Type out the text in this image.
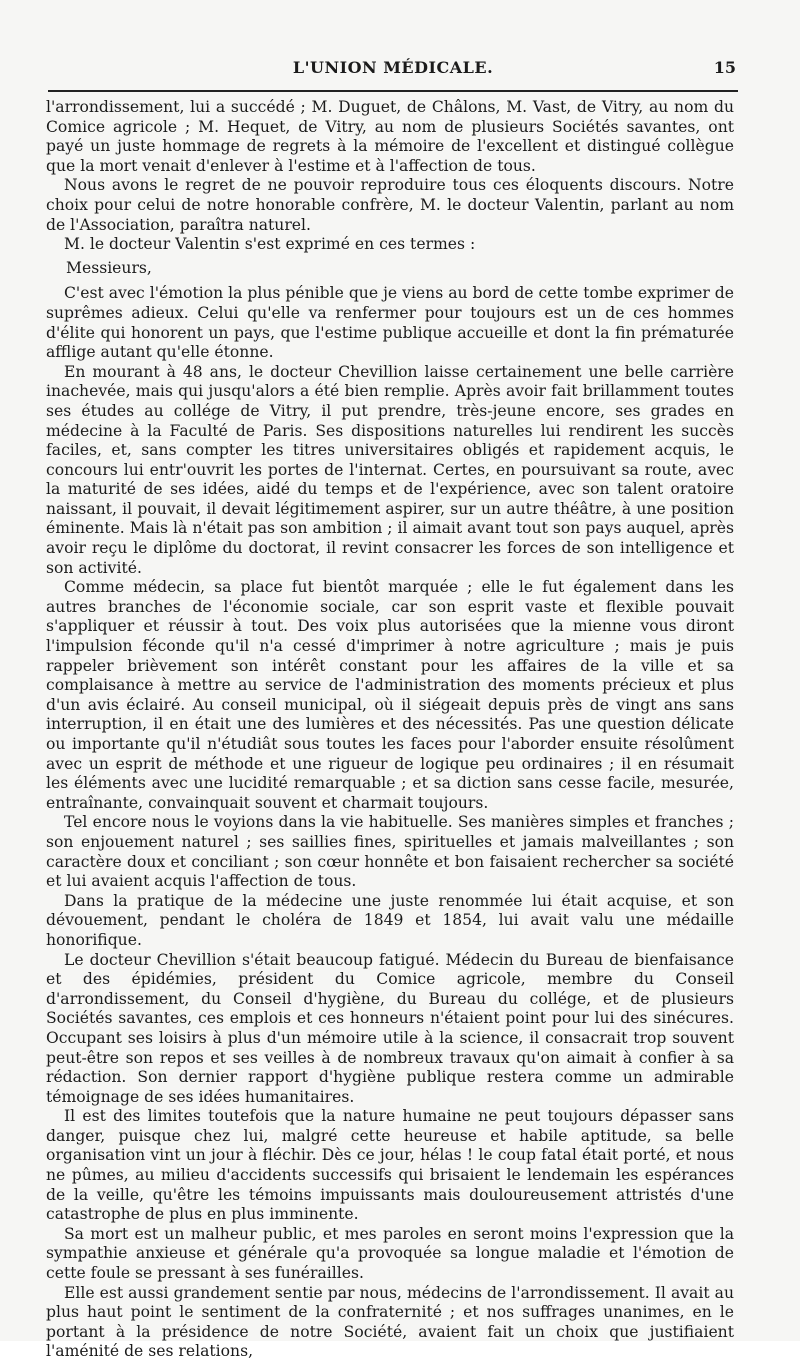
L'UNION MÉDICALE.	15

l'arrondissement, lui a succédé ; M. Duguet, de Châlons, M. Vast, de Vitry, au nom du Comice agricole ; M. Hequet, de Vitry, au nom de plusieurs Sociétés savantes, ont payé un juste hommage de regrets à la mémoire de l'excellent et distingué collègue que la mort venait d'enlever à l'estime et à l'affection de tous.

Nous avons le regret de ne pouvoir reproduire tous ces éloquents discours. Notre choix pour celui de notre honorable confrère, M. le docteur Valentin, parlant au nom de l'Association, paraîtra naturel.

M. le docteur Valentin s'est exprimé en ces termes :

Messieurs,

C'est avec l'émotion la plus pénible que je viens au bord de cette tombe exprimer de suprêmes adieux. Celui qu'elle va renfermer pour toujours est un de ces hommes d'élite qui honorent un pays, que l'estime publique accueille et dont la fin prématurée afflige autant qu'elle étonne.

En mourant à 48 ans, le docteur Chevillion laisse certainement une belle carrière inachevée, mais qui jusqu'alors a été bien remplie. Après avoir fait brillamment toutes ses études au collége de Vitry, il put prendre, très-jeune encore, ses grades en médecine à la Faculté de Paris. Ses dispositions naturelles lui rendirent les succès faciles, et, sans compter les titres universitaires obligés et rapidement acquis, le concours lui entr'ouvrit les portes de l'internat. Certes, en poursuivant sa route, avec la maturité de ses idées, aidé du temps et de l'expérience, avec son talent oratoire naissant, il pouvait, il devait légitimement aspirer, sur un autre théâtre, à une position éminente. Mais là n'était pas son ambition ; il aimait avant tout son pays auquel, après avoir reçu le diplôme du doctorat, il revint consacrer les forces de son intelligence et son activité.

Comme médecin, sa place fut bientôt marquée ; elle le fut également dans les autres branches de l'économie sociale, car son esprit vaste et flexible pouvait s'appliquer et réussir à tout. Des voix plus autorisées que la mienne vous diront l'impulsion féconde qu'il n'a cessé d'imprimer à notre agriculture ; mais je puis rappeler brièvement son intérêt constant pour les affaires de la ville et sa complaisance à mettre au service de l'administration des moments précieux et plus d'un avis éclairé. Au conseil municipal, où il siégeait depuis près de vingt ans sans interruption, il en était une des lumières et des nécessités. Pas une question délicate ou importante qu'il n'étudiât sous toutes les faces pour l'aborder ensuite résolûment avec un esprit de méthode et une rigueur de logique peu ordinaires ; il en résumait les éléments avec une lucidité remarquable ; et sa diction sans cesse facile, mesurée, entraînante, convainquait souvent et charmait toujours.

Tel encore nous le voyions dans la vie habituelle. Ses manières simples et franches ; son enjouement naturel ; ses saillies fines, spirituelles et jamais malveillantes ; son caractère doux et conciliant ; son cœur honnête et bon faisaient rechercher sa société et lui avaient acquis l'affection de tous.

Dans la pratique de la médecine une juste renommée lui était acquise, et son dévouement, pendant le choléra de 1849 et 1854, lui avait valu une médaille honorifique.

Le docteur Chevillion s'était beaucoup fatigué. Médecin du Bureau de bienfaisance et des épidémies, président du Comice agricole, membre du Conseil d'arrondissement, du Conseil d'hygiène, du Bureau du collége, et de plusieurs Sociétés savantes, ces emplois et ces honneurs n'étaient point pour lui des sinécures. Occupant ses loisirs à plus d'un mémoire utile à la science, il consacrait trop souvent peut-être son repos et ses veilles à de nombreux travaux qu'on aimait à confier à sa rédaction. Son dernier rapport d'hygiène publique restera comme un admirable témoignage de ses idées humanitaires.

Il est des limites toutefois que la nature humaine ne peut toujours dépasser sans danger, puisque chez lui, malgré cette heureuse et habile aptitude, sa belle organisation vint un jour à fléchir. Dès ce jour, hélas ! le coup fatal était porté, et nous ne pûmes, au milieu d'accidents successifs qui brisaient le lendemain les espérances de la veille, qu'être les témoins impuissants mais douloureusement attristés d'une catastrophe de plus en plus imminente.

Sa mort est un malheur public, et mes paroles en seront moins l'expression que la sympathie anxieuse et générale qu'a provoquée sa longue maladie et l'émotion de cette foule se pressant à ses funérailles.

Elle est aussi grandement sentie par nous, médecins de l'arrondissement. Il avait au plus haut point le sentiment de la confraternité ; et nos suffrages unanimes, en le portant à la présidence de notre Société, avaient fait un choix que justifiaient l'aménité de ses relations,
